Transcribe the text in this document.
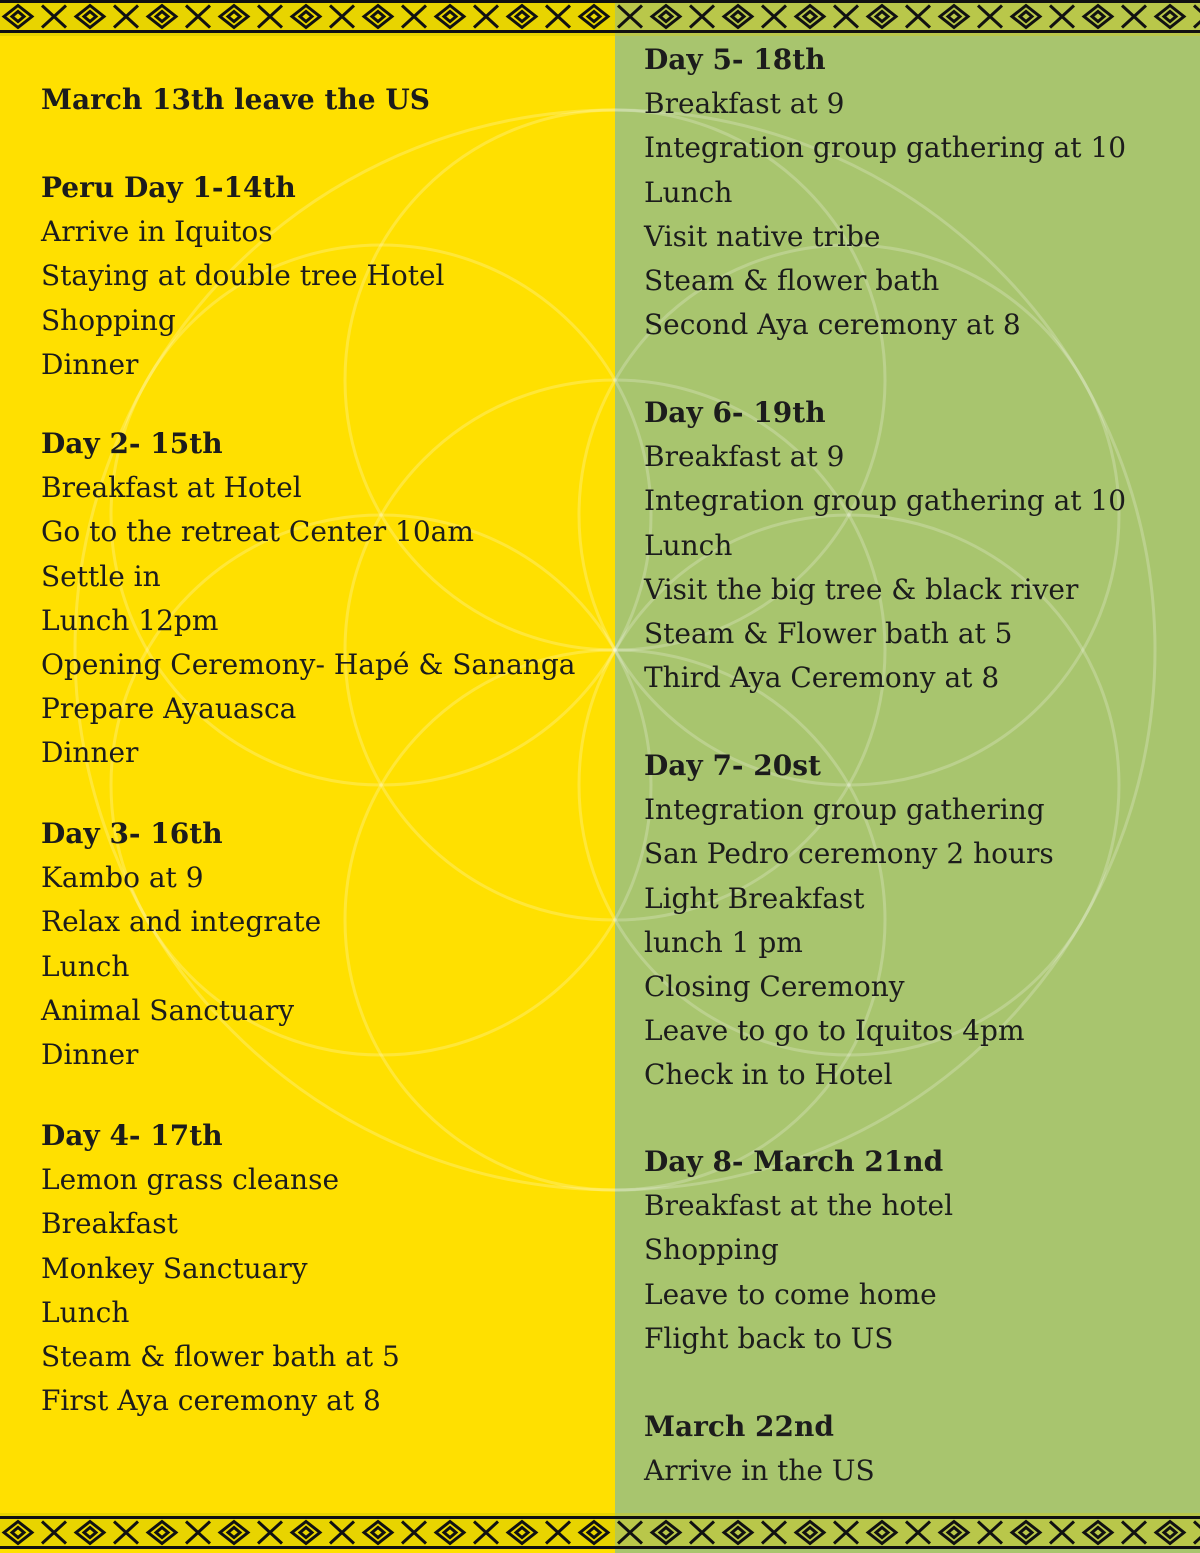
March 13th leave the US
Peru Day 1-14th
Arrive in Iquitos
Staying at double tree Hotel
Shopping
Dinner
Day 2- 15th
Breakfast at Hotel
Go to the retreat Center 10am
Settle in
Lunch 12pm
Opening Ceremony- Hapé & Sananga
Prepare Ayauasca
Dinner
Day 3- 16th
Kambo at 9
Relax and integrate
Lunch
Animal Sanctuary
Dinner
Day 4- 17th
Lemon grass cleanse
Breakfast
Monkey Sanctuary
Lunch
Steam & flower bath at 5
First Aya ceremony at 8
Day 5- 18th
Breakfast at 9
Integration group gathering at 10
Lunch
Visit native tribe
Steam & flower bath
Second Aya ceremony at 8
Day 6- 19th
Breakfast at 9
Integration group gathering at 10
Lunch
Visit the big tree & black river
Steam & Flower bath at 5
Third Aya Ceremony at 8
Day 7- 20st
Integration group gathering
San Pedro ceremony 2 hours
Light Breakfast
lunch 1 pm
Closing Ceremony
Leave to go to Iquitos 4pm
Check in to Hotel
Day 8- March 21nd
Breakfast at the hotel
Shopping
Leave to come home
Flight back to US
March 22nd
Arrive in the US
